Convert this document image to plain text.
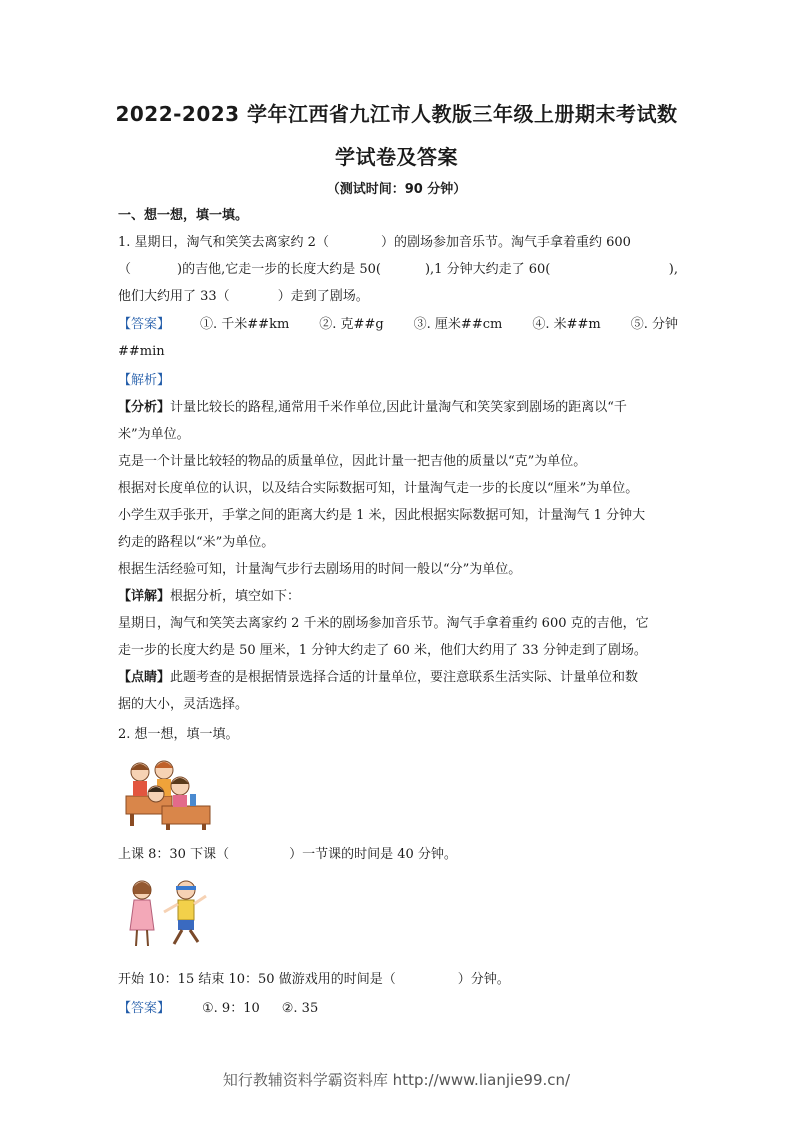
2022-2023 学年江西省九江市人教版三年级上册期末考试数
学试卷及答案
（测试时间：90 分钟）
一、想一想，填一填。
1. 星期日，淘气和笑笑去离家约 2（	）的剧场参加音乐节。淘气手拿着重约 600
（	)的吉他,它走一步的长度大约是 50(	),1 分钟大约走了 60(	),
他们大约用了 33（	）走到了剧场。
【答案】 ①. 千米##km ②. 克##g ③. 厘米##cm ④. 米##m ⑤. 分钟
##min
【解析】
【分析】计量比较长的路程,通常用千米作单位,因此计量淘气和笑笑家到剧场的距离以“千
米”为单位。
克是一个计量比较轻的物品的质量单位，因此计量一把吉他的质量以“克”为单位。
根据对长度单位的认识，以及结合实际数据可知，计量淘气走一步的长度以“厘米”为单位。
小学生双手张开，手掌之间的距离大约是 1 米，因此根据实际数据可知，计量淘气 1 分钟大
约走的路程以“米”为单位。
根据生活经验可知，计量淘气步行去剧场用的时间一般以“分”为单位。
【详解】根据分析，填空如下：
星期日，淘气和笑笑去离家约 2 千米的剧场参加音乐节。淘气手拿着重约 600 克的吉他，它
走一步的长度大约是 50 厘米，1 分钟大约走了 60 米，他们大约用了 33 分钟走到了剧场。
【点睛】此题考查的是根据情景选择合适的计量单位，要注意联系生活实际、计量单位和数
据的大小，灵活选择。
2. 想一想，填一填。
上课 8：30 下课（	）一节课的时间是 40 分钟。
开始 10：15 结束 10：50 做游戏用的时间是（	）分钟。
【答案】 ①. 9：10 ②. 35
知行教辅资料学霸资料库 http://www.lianjie99.cn/
